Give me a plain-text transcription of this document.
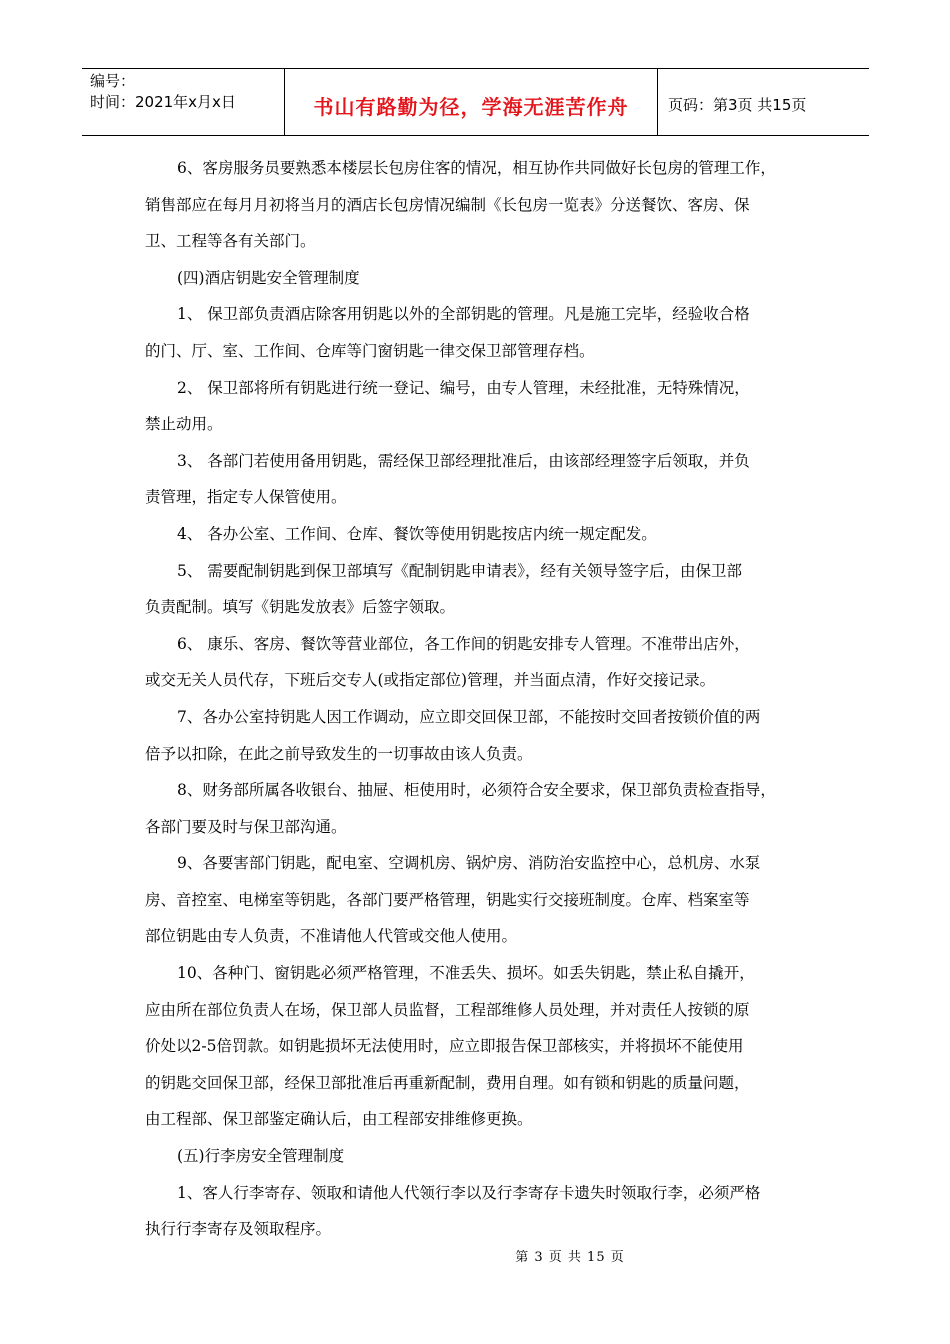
编号：
时间：2021年x月x日	书山有路勤为径，学海无涯苦作舟	页码：第3页 共15页
6、客房服务员要熟悉本楼层长包房住客的情况，相互协作共同做好长包房的管理工作，
销售部应在每月月初将当月的酒店长包房情况编制《长包房一览表》分送餐饮、客房、保
卫、工程等各有关部门。
(四)酒店钥匙安全管理制度
1、 保卫部负责酒店除客用钥匙以外的全部钥匙的管理。凡是施工完毕，经验收合格
的门、厅、室、工作间、仓库等门窗钥匙一律交保卫部管理存档。
2、 保卫部将所有钥匙进行统一登记、编号，由专人管理，未经批准，无特殊情况，
禁止动用。
3、 各部门若使用备用钥匙，需经保卫部经理批准后，由该部经理签字后领取，并负
责管理，指定专人保管使用。
4、 各办公室、工作间、仓库、餐饮等使用钥匙按店内统一规定配发。
5、 需要配制钥匙到保卫部填写《配制钥匙申请表》，经有关领导签字后，由保卫部
负责配制。填写《钥匙发放表》后签字领取。
6、 康乐、客房、餐饮等营业部位，各工作间的钥匙安排专人管理。不准带出店外，
或交无关人员代存，下班后交专人(或指定部位)管理，并当面点清，作好交接记录。
7、各办公室持钥匙人因工作调动，应立即交回保卫部，不能按时交回者按锁价值的两
倍予以扣除，在此之前导致发生的一切事故由该人负责。
8、财务部所属各收银台、抽屉、柜使用时，必须符合安全要求，保卫部负责检查指导，
各部门要及时与保卫部沟通。
9、各要害部门钥匙，配电室、空调机房、锅炉房、消防治安监控中心，总机房、水泵
房、音控室、电梯室等钥匙，各部门要严格管理，钥匙实行交接班制度。仓库、档案室等
部位钥匙由专人负责，不准请他人代管或交他人使用。
10、各种门、窗钥匙必须严格管理，不准丢失、损坏。如丢失钥匙，禁止私自撬开，
应由所在部位负责人在场，保卫部人员监督，工程部维修人员处理，并对责任人按锁的原
价处以2-5倍罚款。如钥匙损坏无法使用时，应立即报告保卫部核实，并将损坏不能使用
的钥匙交回保卫部，经保卫部批准后再重新配制，费用自理。如有锁和钥匙的质量问题，
由工程部、保卫部鉴定确认后，由工程部安排维修更换。
(五)行李房安全管理制度
1、客人行李寄存、领取和请他人代领行李以及行李寄存卡遗失时领取行李，必须严格
执行行李寄存及领取程序。
第 3 页 共 15 页
